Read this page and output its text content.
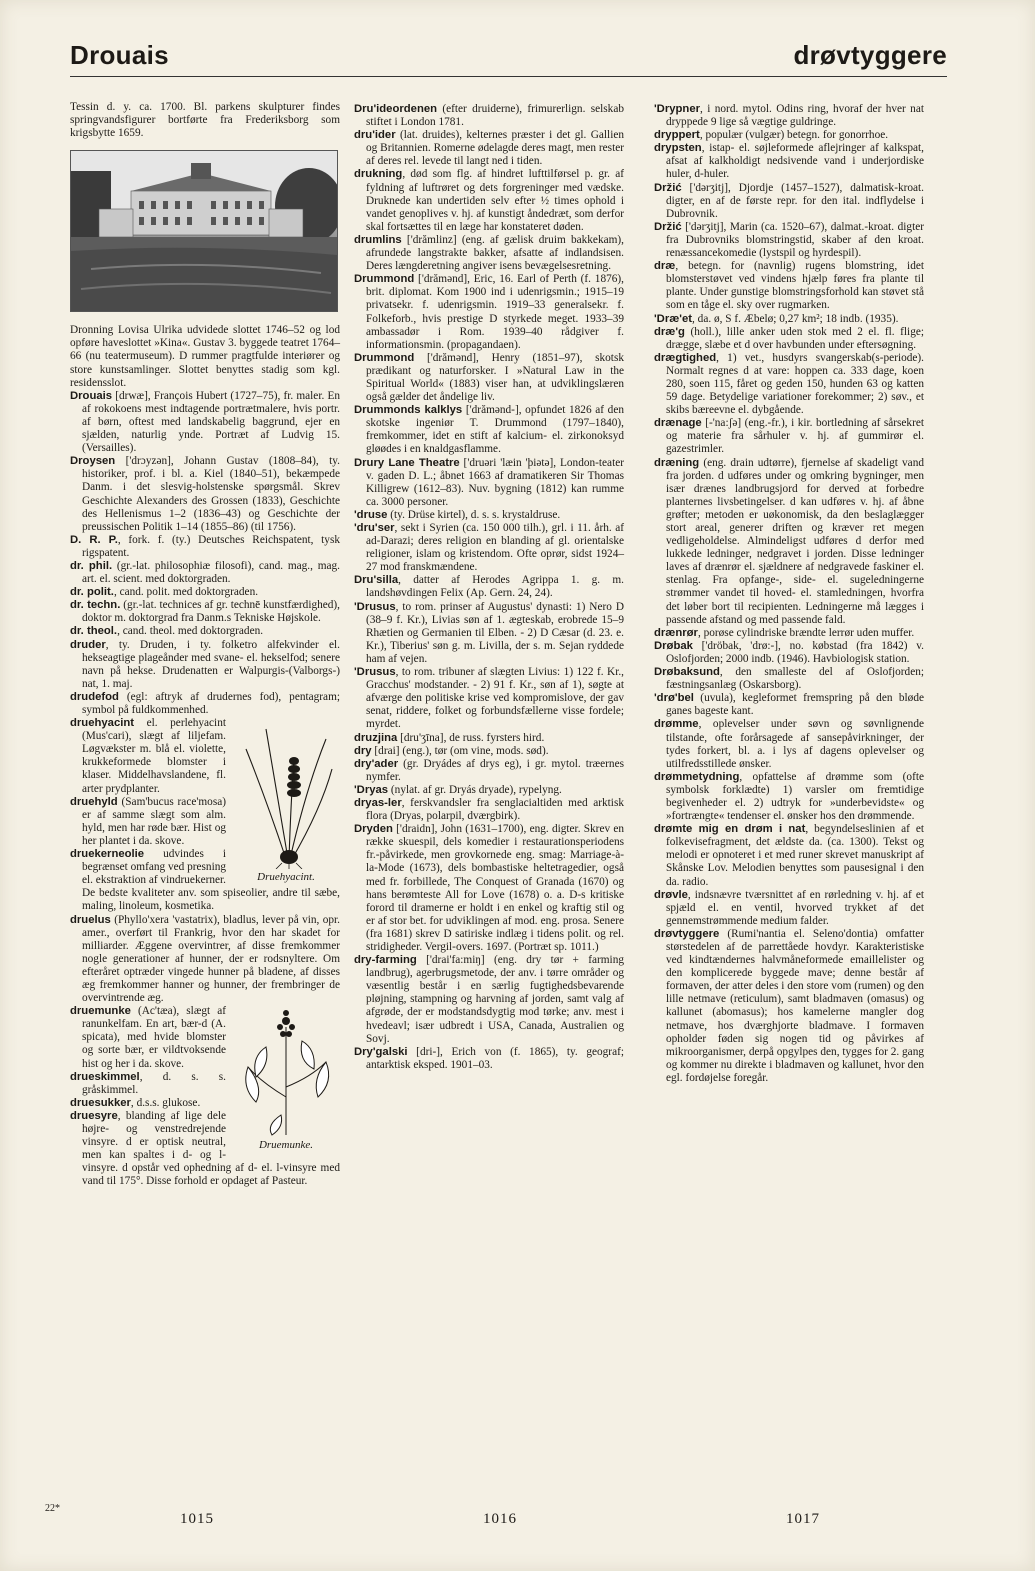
Drouais	drøvtyggere

Tessin d. y. ca. 1700. Bl. parkens skulpturer findes springvandsfigurer bortførte fra Frederiksborg som krigsbytte 1659.

Dronning Lovisa Ulrika udvidede slottet 1746–52 og lod opføre haveslottet »Kina«. Gustav 3. byggede teatret 1764–66 (nu teatermuseum). D rummer pragtfulde interiører og store kunstsamlinger. Slottet benyttes stadig som kgl. residensslot.

Drouais [drwæ], François Hubert (1727–75), fr. maler. En af rokokoens mest indtagende portrætmalere, hvis portr. af børn, oftest med landskabelig baggrund, ejer en sjælden, naturlig ynde. Portræt af Ludvig 15. (Versailles).

Droysen ['drɔyzən], Johann Gustav (1808–84), ty. historiker, prof. i bl. a. Kiel (1840–51), bekæmpede Danm. i det slesvig-holstenske spørgsmål. Skrev Geschichte Alexanders des Grossen (1833), Geschichte des Hellenismus 1–2 (1836–43) og Geschichte der preussischen Politik 1–14 (1855–86) (til 1756).

D. R. P., fork. f. (ty.) Deutsches Reichspatent, tysk rigspatent.

dr. phil. (gr.-lat. philosophiæ filosofi), cand. mag., mag. art. el. scient. med doktorgraden.

dr. polit., cand. polit. med doktorgraden.

dr. techn. (gr.-lat. technices af gr. technē kunstfærdighed), doktor m. doktorgrad fra Danm.s Tekniske Højskole.

dr. theol., cand. theol. med doktorgraden.

druder, ty. Druden, i ty. folketro alfekvinder el. hekseagtige plageånder med svane- el. hekselfod; senere navn på hekse. Drudenatten er Walpurgis-(Valborgs-) nat, 1. maj.

drudefod (egl: aftryk af drudernes fod), pentagram; symbol på fuldkommenhed.

Druehyacint.

druehyacint el. perlehyacint (Mus'cari), slægt af liljefam. Løgvækster m. blå el. violette, krukkeformede blomster i klaser. Middelhavslandene, fl. arter prydplanter.

druehyld (Sam'bucus race'mosa) er af samme slægt som alm. hyld, men har røde bær. Hist og her plantet i da. skove.

druekerneolie udvindes i begrænset omfang ved presning el. ekstraktion af vindruekerner. De bedste kvaliteter anv. som spiseolier, andre til sæbe, maling, linoleum, kosmetika.

druelus (Phyllo'xera 'vastatrix), bladlus, lever på vin, opr. amer., overført til Frankrig, hvor den har skadet for milliarder. Æggene overvintrer, af disse fremkommer nogle generationer af hunner, der er rodsnyltere. Om efteråret optræder vingede hunner på bladene, af disses æg fremkommer hanner og hunner, der frembringer de overvintrende æg.

Druemunke.

druemunke (Ac'tæa), slægt af ranunkelfam. En art, bær-d (A. spicata), med hvide blomster og sorte bær, er vildtvoksende hist og her i da. skove.

drueskimmel, d. s. s. gråskimmel.

druesukker, d.s.s. glukose.

druesyre, blanding af lige dele højre- og venstredrejende vinsyre. d er optisk neutral, men kan spaltes i d- og l-vinsyre. d opstår ved ophedning af d- el. l-vinsyre med vand til 175°. Disse forhold er opdaget af Pasteur.

Dru'ideordenen (efter druiderne), frimurerlign. selskab stiftet i London 1781.

dru'ider (lat. druides), kelternes præster i det gl. Gallien og Britannien. Romerne ødelagde deres magt, men rester af deres rel. levede til langt ned i tiden.

drukning, død som flg. af hindret lufttilførsel p. gr. af fyldning af luftrøret og dets forgreninger med vædske. Druknede kan undertiden selv efter ½ times ophold i vandet genoplives v. hj. af kunstigt åndedræt, som derfor skal fortsættes til en læge har konstateret døden.

drumlins ['drămlinz] (eng. af gælisk druim bakkekam), afrundede langstrakte bakker, afsatte af indlandsisen. Deres længderetning angiver isens bevægelsesretning.

Drummond ['drămənd], Eric, 16. Earl of Perth (f. 1876), brit. diplomat. Kom 1900 ind i udenrigsmin.; 1915–19 privatsekr. f. udenrigsmin. 1919–33 generalsekr. f. Folkeforb., hvis prestige D styrkede meget. 1933–39 ambassadør i Rom. 1939–40 rådgiver f. informationsmin. (propagandaen).

Drummond ['drămənd], Henry (1851–97), skotsk prædikant og naturforsker. I »Natural Law in the Spiritual World« (1883) viser han, at udviklingslæren også gælder det åndelige liv.

Drummonds kalklys ['drămənd-], opfundet 1826 af den skotske ingeniør T. Drummond (1797–1840), fremkommer, idet en stift af kalcium- el. zirkonoksyd gløødes i en knaldgasflamme.

Drury Lane Theatre ['druəri 'læin 'þiətə], London-teater v. gaden D. L.; åbnet 1663 af dramatikeren Sir Thomas Killigrew (1612–83). Nuv. bygning (1812) kan rumme ca. 3000 personer.

'druse (ty. Drüse kirtel), d. s. s. krystaldruse.

'dru'ser, sekt i Syrien (ca. 150 000 tilh.), grl. i 11. årh. af ad-Darazi; deres religion en blanding af gl. orientalske religioner, islam og kristendom. Ofte oprør, sidst 1924–27 mod franskmændene.

Dru'silla, datter af Herodes Agrippa 1. g. m. landshøvdingen Felix (Ap. Gern. 24, 24).

'Drusus, to rom. prinser af Augustus' dynasti: 1) Nero D (38–9 f. Kr.), Livias søn af 1. ægteskab, erobrede 15–9 Rhætien og Germanien til Elben. - 2) D Cæsar (d. 23. e. Kr.), Tiberius' søn g. m. Livilla, der s. m. Sejan ryddede ham af vejen.

'Drusus, to rom. tribuner af slægten Livius: 1) 122 f. Kr., Gracchus' modstander. - 2) 91 f. Kr., søn af 1), søgte at afværge den politiske krise ved kompromislove, der gav senat, riddere, folket og forbundsfællerne visse fordele; myrdet.

druzjina [dru'ʒīna], de russ. fyrsters hird.

dry [drai] (eng.), tør (om vine, mods. sød).

dry'ader (gr. Dryádes af drys eg), i gr. mytol. træernes nymfer.

'Dryas (nylat. af gr. Dryás dryade), rypelyng.

dryas-ler, ferskvandsler fra senglacialtiden med arktisk flora (Dryas, polarpil, dværgbirk).

Dryden ['draidn], John (1631–1700), eng. digter. Skrev en række skuespil, dels komedier i restaurationsperiodens fr.-påvirkede, men grovkornede eng. smag: Marriage-à-la-Mode (1673), dels bombastiske heltetragedier, også med fr. forbillede, The Conquest of Granada (1670) og hans berømteste All for Love (1678) o. a. D-s kritiske forord til dramerne er holdt i en enkel og kraftig stil og er af stor bet. for udviklingen af mod. eng. prosa. Senere (fra 1681) skrev D satiriske indlæg i tidens polit. og rel. stridigheder. Vergil-overs. 1697. (Portræt sp. 1011.)

dry-farming ['drai'fa:miŋ] (eng. dry tør + farming landbrug), agerbrugsmetode, der anv. i tørre områder og væsentlig består i en særlig fugtighedsbevarende pløjning, stampning og harvning af jorden, samt valg af afgrøde, der er modstandsdygtig mod tørke; anv. mest i hvedeavl; især udbredt i USA, Canada, Australien og Sovj.

Dry'galski [dri-], Erich von (f. 1865), ty. geograf; antarktisk eksped. 1901–03.

'Drypner, i nord. mytol. Odins ring, hvoraf der hver nat dryppede 9 lige så vægtige guldringe.

dryppert, populær (vulgær) betegn. for gonorrhoe.

drypsten, istap- el. søjleformede aflejringer af kalkspat, afsat af kalkholdigt nedsivende vand i underjordiske huler, d-huler.

Držić ['dərʒitj], Djordje (1457–1527), dalmatisk-kroat. digter, en af de første repr. for den ital. indflydelse i Dubrovnik.

Držić ['dərʒitj], Marin (ca. 1520–67), dalmat.-kroat. digter fra Dubrovniks blomstringstid, skaber af den kroat. renæssancekomedie (lystspil og hyrdespil).

dræ, betegn. for (navnlig) rugens blomstring, idet blomsterstøvet ved vindens hjælp føres fra plante til plante. Under gunstige blomstringsforhold kan støvet stå som en tåge el. sky over rugmarken.

'Dræ'et, da. ø, S f. Æbelø; 0,27 km²; 18 indb. (1935).

dræ'g (holl.), lille anker uden stok med 2 el. fl. flige; drægge, slæbe et d over havbunden under eftersøgning.

drægtighed, 1) vet., husdyrs svangerskab(s-periode). Normalt regnes d at vare: hoppen ca. 333 dage, koen 280, soen 115, fåret og geden 150, hunden 63 og katten 59 dage. Betydelige variationer forekommer; 2) søv., et skibs bæreevne el. dybgående.

drænage [-'na:ʃə] (eng.-fr.), i kir. bortledning af sårsekret og materie fra sårhuler v. hj. af gummirør el. gazestrimler.

dræning (eng. drain udtørre), fjernelse af skadeligt vand fra jorden. d udføres under og omkring bygninger, men især drænes landbrugsjord for derved at forbedre planternes livsbetingelser. d kan udføres v. hj. af åbne grøfter; metoden er uøkonomisk, da den beslaglægger stort areal, generer driften og kræver ret megen vedligeholdelse. Almindeligst udføres d derfor med lukkede ledninger, nedgravet i jorden. Disse ledninger laves af drænrør el. sjældnere af nedgravede faskiner el. stenlag. Fra opfange-, side- el. sugeledningerne strømmer vandet til hoved- el. stamledningen, hvorfra det løber bort til recipienten. Ledningerne må lægges i passende afstand og med passende fald.

drænrør, porøse cylindriske brændte lerrør uden muffer.

Drøbak ['dröbak, 'drø:-], no. købstad (fra 1842) v. Oslofjorden; 2000 indb. (1946). Havbiologisk station.

Drøbaksund, den smalleste del af Oslofjorden; fæstningsanlæg (Oskarsborg).

'drø'bel (uvula), kegleformet fremspring på den bløde ganes bageste kant.

drømme, oplevelser under søvn og søvnlignende tilstande, ofte forårsagede af sansepåvirkninger, der tydes forkert, bl. a. i lys af dagens oplevelser og utilfredsstillede ønsker.

drømmetydning, opfattelse af drømme som (ofte symbolsk forklædte) 1) varsler om fremtidige begivenheder el. 2) udtryk for »underbevidste« og »fortrængte« tendenser el. ønsker hos den drømmende.

drømte mig en drøm i nat, begyndelseslinien af et folkevisefragment, det ældste da. (ca. 1300). Tekst og melodi er opnoteret i et med runer skrevet manuskript af Skånske Lov. Melodien benyttes som pausesignal i den da. radio.

drøvle, indsnævre tværsnittet af en rørledning v. hj. af et spjæld el. en ventil, hvorved trykket af det gennemstrømmende medium falder.

drøvtyggere (Rumi'nantia el. Seleno'dontia) omfatter størstedelen af de parrettåede hovdyr. Karakteristiske ved kindtændernes halvmåneformede emaillelister og den komplicerede byggede mave; denne består af formaven, der atter deles i den store vom (rumen) og den lille netmave (reticulum), samt bladmaven (omasus) og kallunet (abomasus); hos kamelerne mangler dog netmave, hos dværghjorte bladmave. I formaven opholder føden sig nogen tid og påvirkes af mikroorganismer, derpå opgylpes den, tygges for 2. gang og kommer nu direkte i bladmaven og kallunet, hvor den egl. fordøjelse foregår.

22*
1015	1016	1017
